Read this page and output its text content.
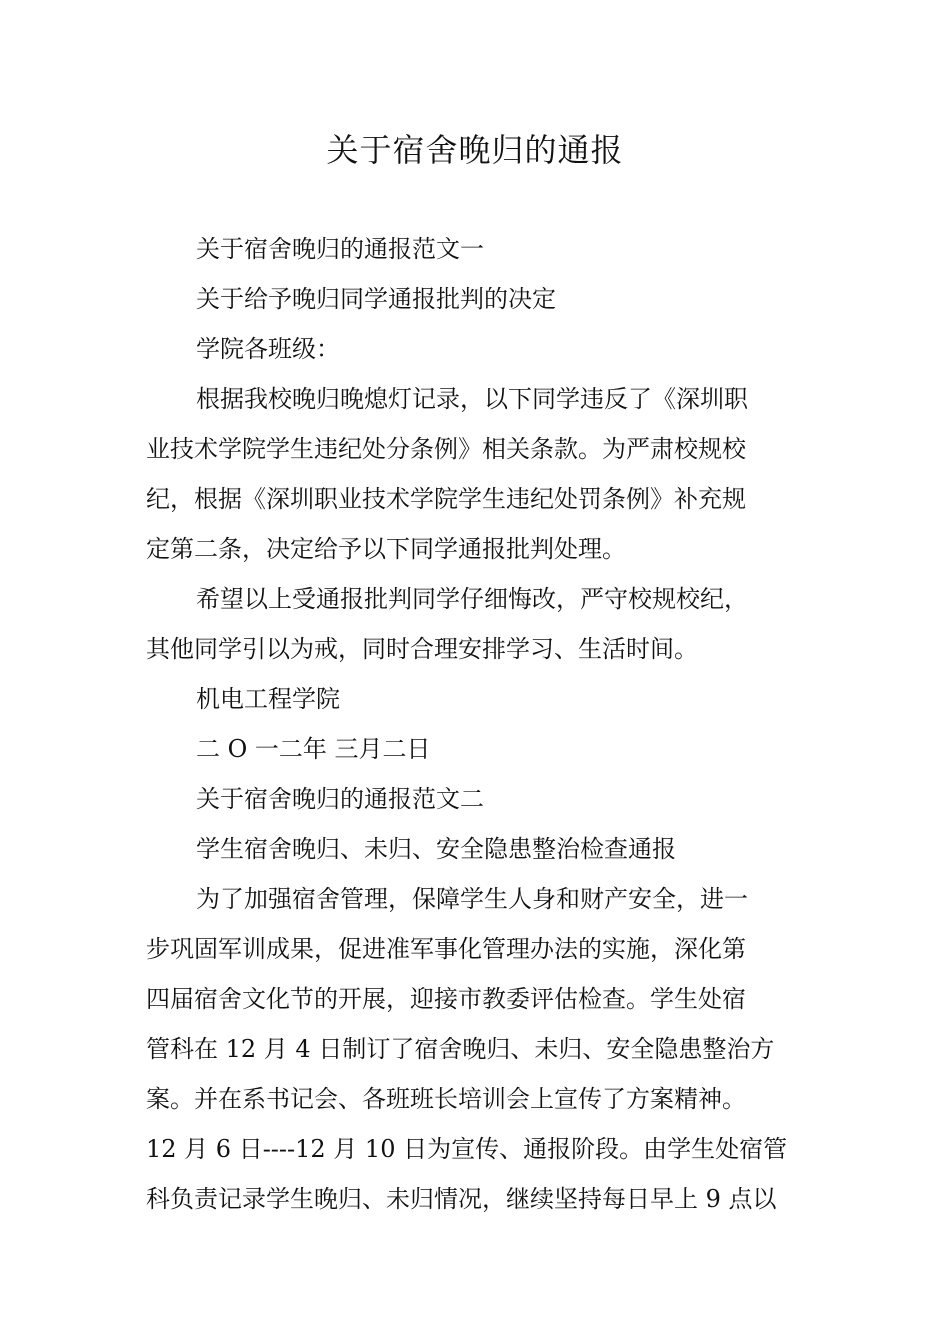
关于宿舍晚归的通报

关于宿舍晚归的通报范文一

关于给予晚归同学通报批判的决定

学院各班级：

根据我校晚归晚熄灯记录，以下同学违反了《深圳职
业技术学院学生违纪处分条例》相关条款。为严肃校规校
纪，根据《深圳职业技术学院学生违纪处罚条例》补充规
定第二条，决定给予以下同学通报批判处理。

希望以上受通报批判同学仔细悔改，严守校规校纪，
其他同学引以为戒，同时合理安排学习、生活时间。

机电工程学院

二 O 一二年 三月二日

关于宿舍晚归的通报范文二

学生宿舍晚归、未归、安全隐患整治检查通报

为了加强宿舍管理，保障学生人身和财产安全，进一
步巩固军训成果，促进准军事化管理办法的实施，深化第
四届宿舍文化节的开展，迎接市教委评估检查。学生处宿
管科在 12 月 4 日制订了宿舍晚归、未归、安全隐患整治方
案。并在系书记会、各班班长培训会上宣传了方案精神。
12 月 6 日----12 月 10 日为宣传、通报阶段。由学生处宿管
科负责记录学生晚归、未归情况，继续坚持每日早上 9 点以
